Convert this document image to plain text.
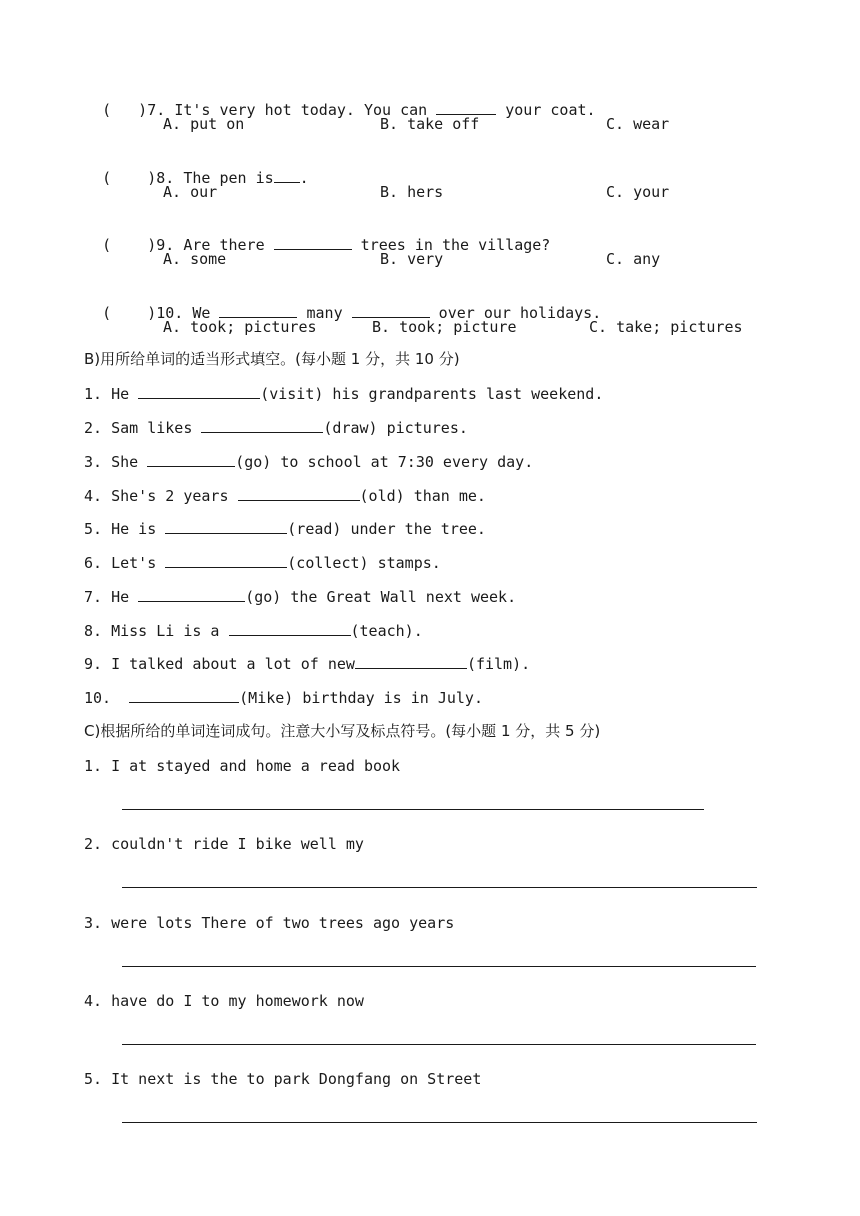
(   )7. It's very hot today. You can	your coat.

A. put on	B. take off	C. wear

(    )8. The pen is .

A. our	B. hers	C. your

(    )9. Are there	trees in the village?

A. some	B. very	C. any

(    )10. We	many	over our holidays.

A. took; pictures	B. took; picture	C. take; pictures
B)用所给单词的适当形式填空。(每小题 1 分，共 10 分)
1. He	(visit) his grandparents last weekend.
2. Sam likes	(draw) pictures.
3. She	(go) to school at 7:30 every day.
4. She's 2 years	(old) than me.
5. He is	(read) under the tree.
6. Let's	(collect) stamps.
7. He	(go) the Great Wall next week.
8. Miss Li is a	(teach).
9. I talked about a lot of new	(film).
10.	(Mike) birthday is in July.
C)根据所给的单词连词成句。注意大小写及标点符号。(每小题 1 分，共 5 分)
1. I at stayed and home a read book
2. couldn't ride I bike well my
3. were lots There of two trees ago years
4. have do I to my homework now
5. It next is the to park Dongfang on Street
